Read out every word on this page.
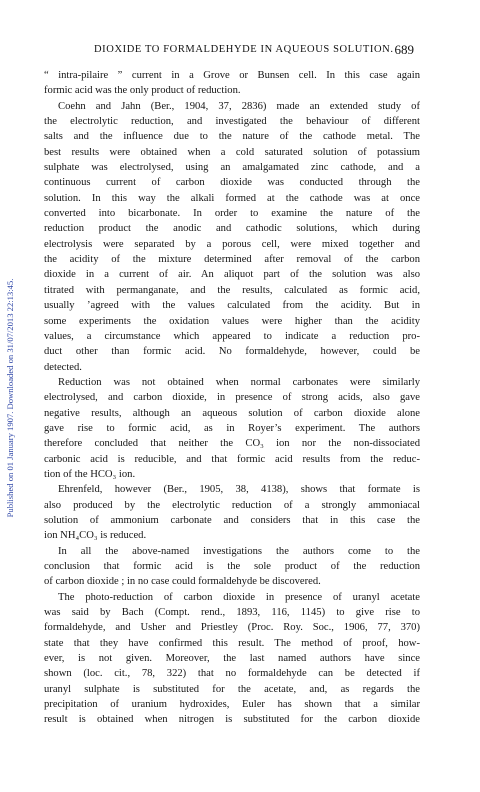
DIOXIDE TO FORMALDEHYDE IN AQUEOUS SOLUTION. 689
Published on 01 January 1907. Downloaded on 31/07/2013 22:13:45.
“ intra-pilaire ” current in a Grove or Bunsen cell. In this case again
formic acid was the only product of reduction.
Coehn and Jahn (Ber., 1904, 37, 2836) made an extended study of
the electrolytic reduction, and investigated the behaviour of different
salts and the influence due to the nature of the cathode metal. The
best results were obtained when a cold saturated solution of potassium
sulphate was electrolysed, using an amalgamated zinc cathode, and a
continuous current of carbon dioxide was conducted through the
solution. In this way the alkali formed at the cathode was at once
converted into bicarbonate. In order to examine the nature of the
reduction product the anodic and cathodic solutions, which during
electrolysis were separated by a porous cell, were mixed together and
the acidity of the mixture determined after removal of the carbon
dioxide in a current of air. An aliquot part of the solution was also
titrated with permanganate, and the results, calculated as formic acid,
usually ʼagreed with the values calculated from the acidity. But in
some experiments the oxidation values were higher than the acidity
values, a circumstance which appeared to indicate a reduction pro-
duct other than formic acid. No formaldehyde, however, could be
detected.
Reduction was not obtained when normal carbonates were similarly
electrolysed, and carbon dioxide, in presence of strong acids, also gave
negative results, although an aqueous solution of carbon dioxide alone
gave rise to formic acid, as in Royer’s experiment. The authors
therefore concluded that neither the CO₃ ion nor the non-dissociated
carbonic acid is reducible, and that formic acid results from the reduc-
tion of the HCO₃ ion.
Ehrenfeld, however (Ber., 1905, 38, 4138), shows that formate is
also produced by the electrolytic reduction of a strongly ammoniacal
solution of ammonium carbonate and considers that in this case the
ion NH₄CO₃ is reduced.
In all the above-named investigations the authors come to the
conclusion that formic acid is the sole product of the reduction
of carbon dioxide ; in no case could formaldehyde be discovered.
The photo-reduction of carbon dioxide in presence of uranyl acetate
was said by Bach (Compt. rend., 1893, 116, 1145) to give rise to
formaldehyde, and Usher and Priestley (Proc. Roy. Soc., 1906, 77, 370)
state that they have confirmed this result. The method of proof, how-
ever, is not given. Moreover, the last named authors have since
shown (loc. cit., 78, 322) that no formaldehyde can be detected if
uranyl sulphate is substituted for the acetate, and, as regards the
precipitation of uranium hydroxides, Euler has shown that a similar
result is obtained when nitrogen is substituted for the carbon dioxide
